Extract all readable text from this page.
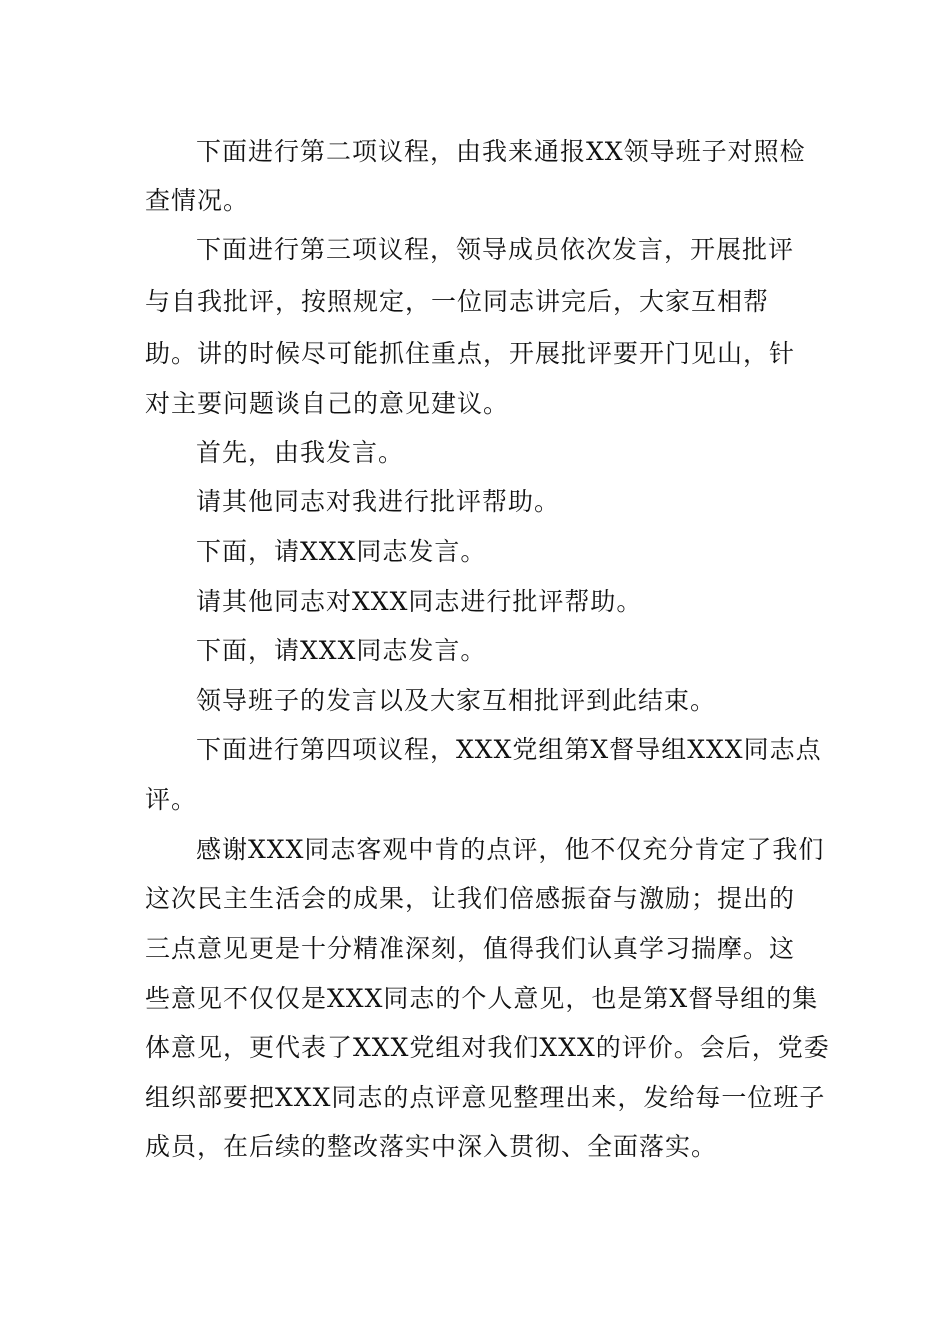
下面进行第二项议程，由我来通报XX领导班子对照检
查情况。
下面进行第三项议程，领导成员依次发言，开展批评
与自我批评，按照规定，一位同志讲完后，大家互相帮
助。讲的时候尽可能抓住重点，开展批评要开门见山，针
对主要问题谈自己的意见建议。
首先，由我发言。
请其他同志对我进行批评帮助。
下面，请XXX同志发言。
请其他同志对XXX同志进行批评帮助。
下面，请XXX同志发言。
领导班子的发言以及大家互相批评到此结束。
下面进行第四项议程，XXX党组第X督导组XXX同志点
评。
感谢XXX同志客观中肯的点评，他不仅充分肯定了我们
这次民主生活会的成果，让我们倍感振奋与激励；提出的
三点意见更是十分精准深刻，值得我们认真学习揣摩。这
些意见不仅仅是XXX同志的个人意见，也是第X督导组的集
体意见，更代表了XXX党组对我们XXX的评价。会后，党委
组织部要把XXX同志的点评意见整理出来，发给每一位班子
成员，在后续的整改落实中深入贯彻、全面落实。
